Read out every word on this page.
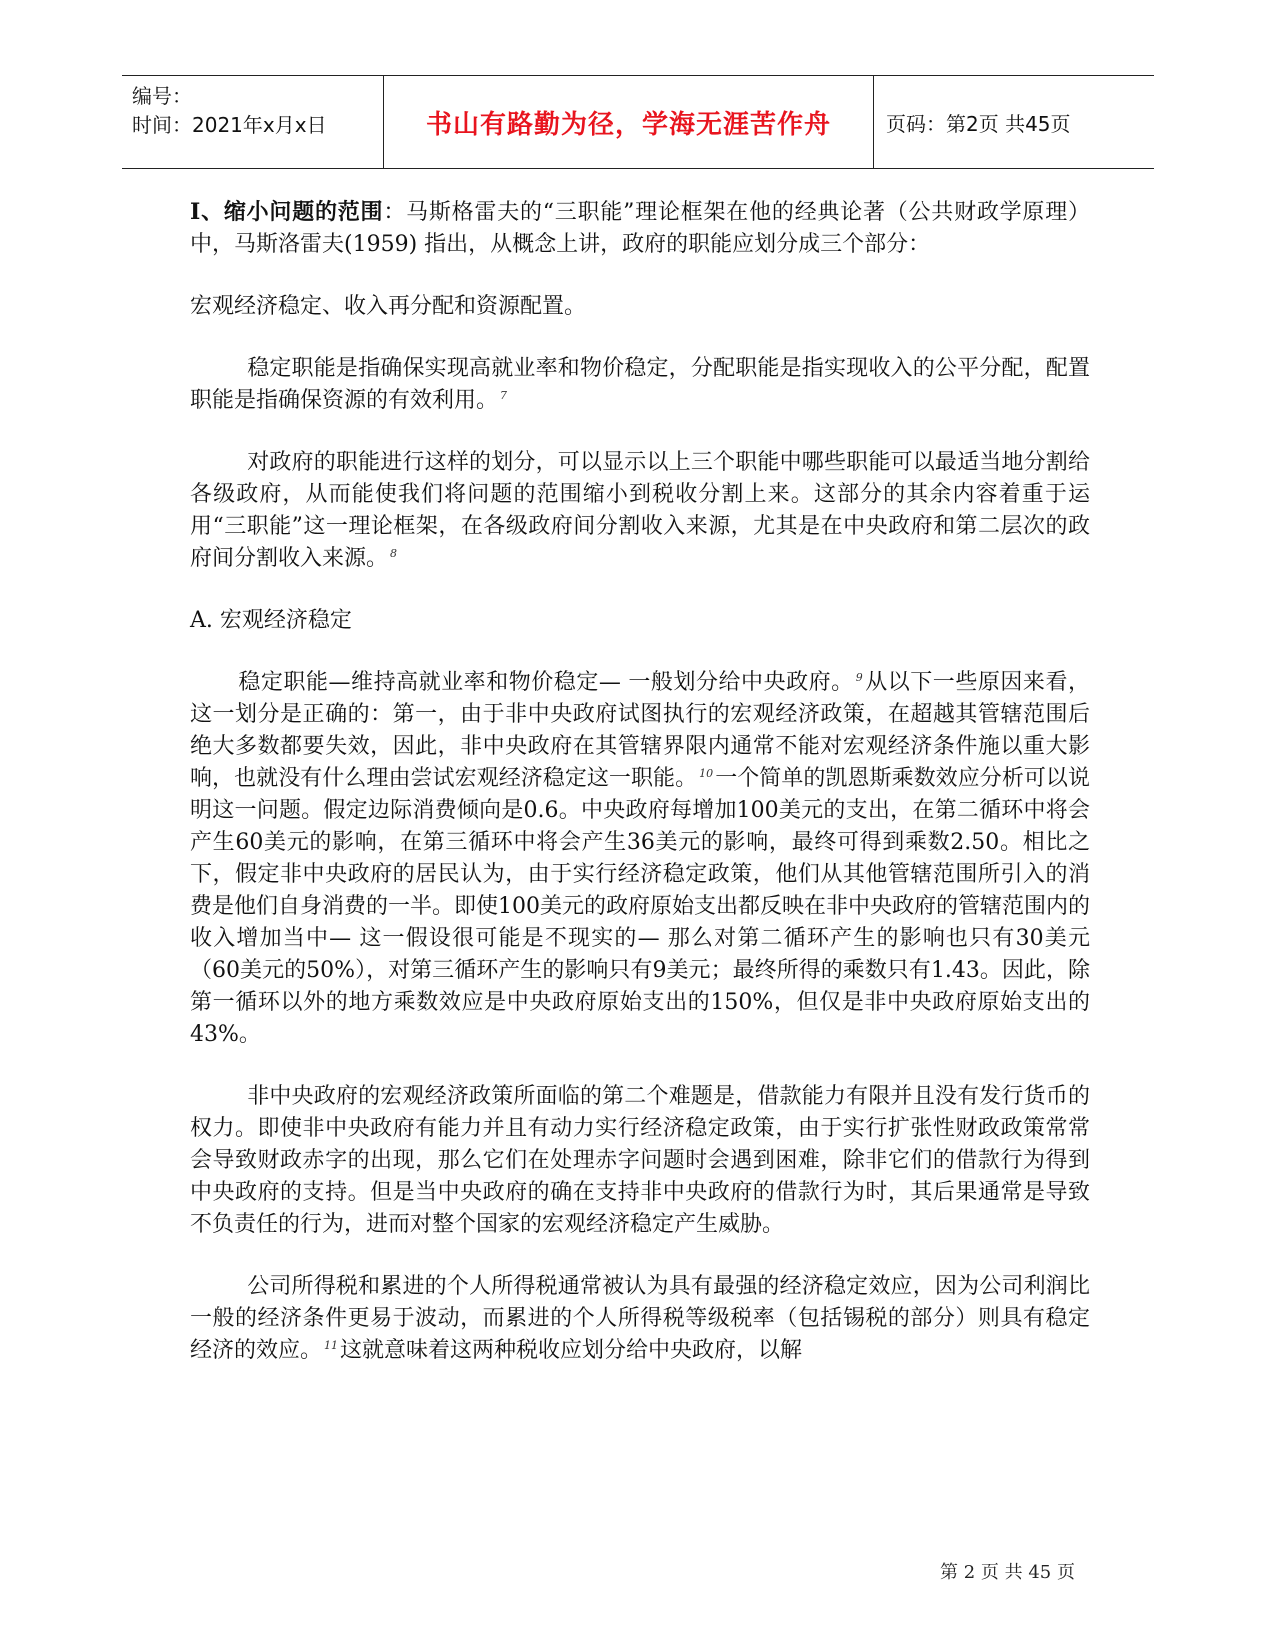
编号：
时间：2021年x月x日	书山有路勤为径，学海无涯苦作舟	页码：第2页 共45页

Ⅰ、缩小问题的范围：马斯格雷夫的“三职能”理论框架在他的经典论著（公共财政学原理）中，马斯洛雷夫(1959) 指出，从概念上讲，政府的职能应划分成三个部分：

宏观经济稳定、收入再分配和资源配置。

稳定职能是指确保实现高就业率和物价稳定，分配职能是指实现收入的公平分配，配置职能是指确保资源的有效利用。 $^7$

对政府的职能进行这样的划分，可以显示以上三个职能中哪些职能可以最适当地分割给各级政府，从而能使我们将问题的范围缩小到税收分割上来。这部分的其余内容着重于运用“三职能”这一理论框架，在各级政府间分割收入来源，尤其是在中央政府和第二层次的政府间分割收入来源。 $^8$

A. 宏观经济稳定

稳定职能—维持高就业率和物价稳定— 一般划分给中央政府。 $^9$从以下一些原因来看，这一划分是正确的：第一，由于非中央政府试图执行的宏观经济政策，在超越其管辖范围后绝大多数都要失效，因此，非中央政府在其管辖界限内通常不能对宏观经济条件施以重大影响，也就没有什么理由尝试宏观经济稳定这一职能。 $^{10}$一个简单的凯恩斯乘数效应分析可以说明这一问题。假定边际消费倾向是0.6。中央政府每增加100美元的支出，在第二循环中将会产生60美元的影响，在第三循环中将会产生36美元的影响，最终可得到乘数2.50。相比之下，假定非中央政府的居民认为，由于实行经济稳定政策，他们从其他管辖范围所引入的消费是他们自身消费的一半。即使100美元的政府原始支出都反映在非中央政府的管辖范围内的收入增加当中— 这一假设很可能是不现实的— 那么对第二循环产生的影响也只有30美元（60美元的50%），对第三循环产生的影响只有9美元；最终所得的乘数只有1.43。因此，除第一循环以外的地方乘数效应是中央政府原始支出的150%，但仅是非中央政府原始支出的43%。

非中央政府的宏观经济政策所面临的第二个难题是，借款能力有限并且没有发行货币的权力。即使非中央政府有能力并且有动力实行经济稳定政策，由于实行扩张性财政政策常常会导致财政赤字的出现，那么它们在处理赤字问题时会遇到困难，除非它们的借款行为得到中央政府的支持。但是当中央政府的确在支持非中央政府的借款行为时，其后果通常是导致不负责任的行为，进而对整个国家的宏观经济稳定产生威胁。

公司所得税和累进的个人所得税通常被认为具有最强的经济稳定效应，因为公司利润比一般的经济条件更易于波动，而累进的个人所得税等级税率（包括锡税的部分）则具有稳定经济的效应。 $^{11}$这就意味着这两种税收应划分给中央政府，以解

第 2 页 共 45 页
